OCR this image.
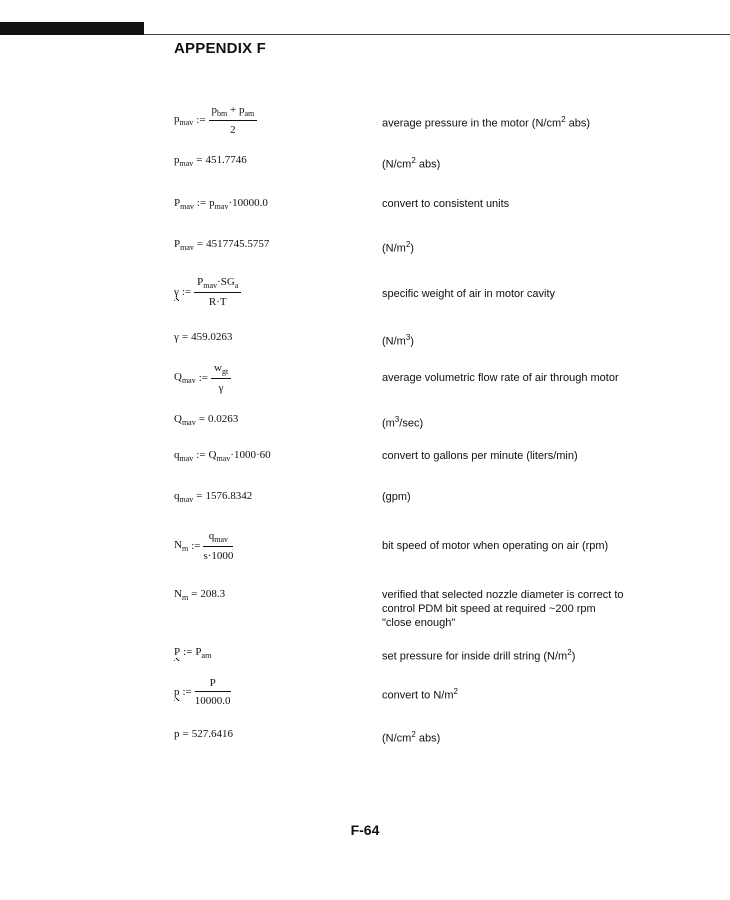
APPENDIX F
$p_{mav}$ := $\frac{p_{bm} + p_{am}}{2}$	average pressure in the motor ($N/cm^2$ abs)
$p_{mav} = 451.7746$	($N/cm^2$ abs)
$P_{mav}$ := $p_{mav}\cdot 10000.0$	convert to consistent units
$P_{mav} = 4517745.5757$	$(N/m^2)$
γ := $\frac{P_{mav}\cdot SG_a}{R\cdot T}$	specific weight of air in motor cavity
γ = 459.0263	$(N/m^3)$
$Q_{mav}$ := $\frac{w_{gt}}{\gamma}$	average volumetric flow rate of air through motor
$Q_{mav} = 0.0263$	$(m^3/\sec)$
$q_{mav}$ := $Q_{mav}\cdot 1000\cdot 60$	convert to gallons per minute (liters/min)
$q_{mav} = 1576.8342$	(gpm)
$N_m$ := $\frac{q_{mav}}{s\cdot 1000}$	bit speed of motor when operating on air (rpm)
$N_m = 208.3$	verified that selected nozzle diameter is correct to
control PDM bit speed at required ~200 rpm
"close enough"
P := $P_{am}$	set pressure for inside drill string $(N/m^2)$
p := $\frac{P}{10000.0}$	convert to $N/m^2$
p = 527.6416	($N/cm^2$ abs)
F-64
